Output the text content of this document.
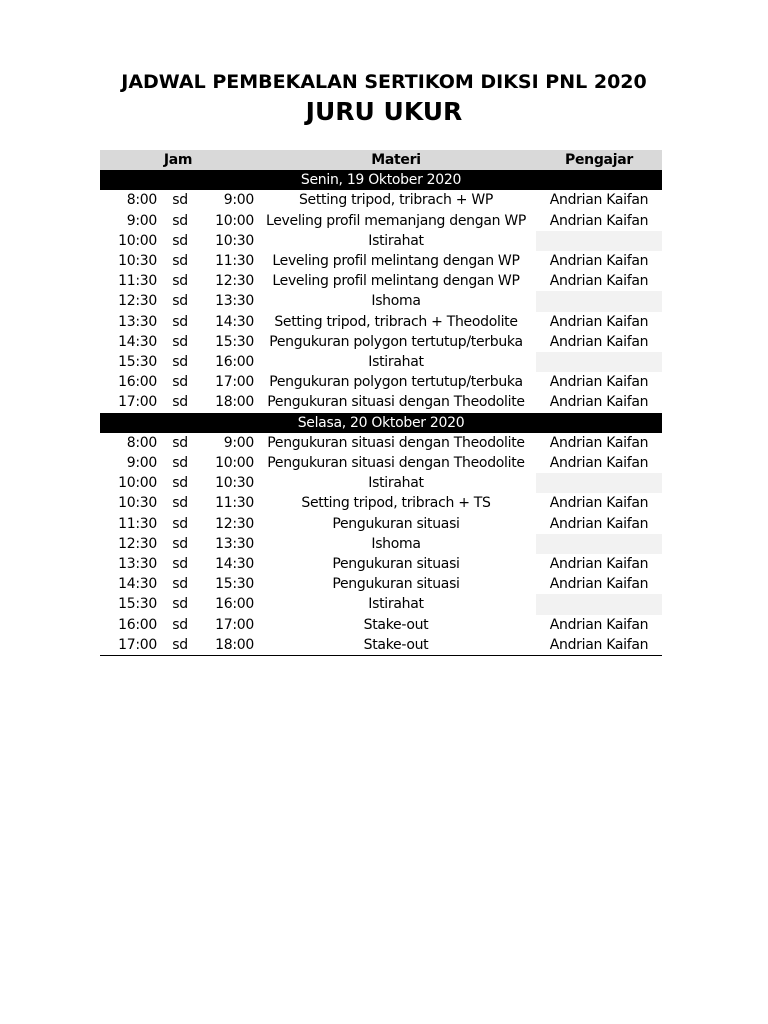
JADWAL PEMBEKALAN SERTIKOM DIKSI PNL 2020
JURU UKUR
Jam			Materi	Pengajar
Senin, 19 Oktober 2020				
8:00	sd	9:00	Setting tripod, tribrach + WP	Andrian Kaifan
9:00	sd	10:00	Leveling profil memanjang dengan WP	Andrian Kaifan
10:00	sd	10:30	Istirahat	
10:30	sd	11:30	Leveling profil melintang dengan WP	Andrian Kaifan
11:30	sd	12:30	Leveling profil melintang dengan WP	Andrian Kaifan
12:30	sd	13:30	Ishoma	
13:30	sd	14:30	Setting tripod, tribrach + Theodolite	Andrian Kaifan
14:30	sd	15:30	Pengukuran polygon tertutup/terbuka	Andrian Kaifan
15:30	sd	16:00	Istirahat	
16:00	sd	17:00	Pengukuran polygon tertutup/terbuka	Andrian Kaifan
17:00	sd	18:00	Pengukuran situasi dengan Theodolite	Andrian Kaifan
Selasa, 20 Oktober 2020				
8:00	sd	9:00	Pengukuran situasi dengan Theodolite	Andrian Kaifan
9:00	sd	10:00	Pengukuran situasi dengan Theodolite	Andrian Kaifan
10:00	sd	10:30	Istirahat	
10:30	sd	11:30	Setting tripod, tribrach + TS	Andrian Kaifan
11:30	sd	12:30	Pengukuran situasi	Andrian Kaifan
12:30	sd	13:30	Ishoma	
13:30	sd	14:30	Pengukuran situasi	Andrian Kaifan
14:30	sd	15:30	Pengukuran situasi	Andrian Kaifan
15:30	sd	16:00	Istirahat	
16:00	sd	17:00	Stake-out	Andrian Kaifan
17:00	sd	18:00	Stake-out	Andrian Kaifan
